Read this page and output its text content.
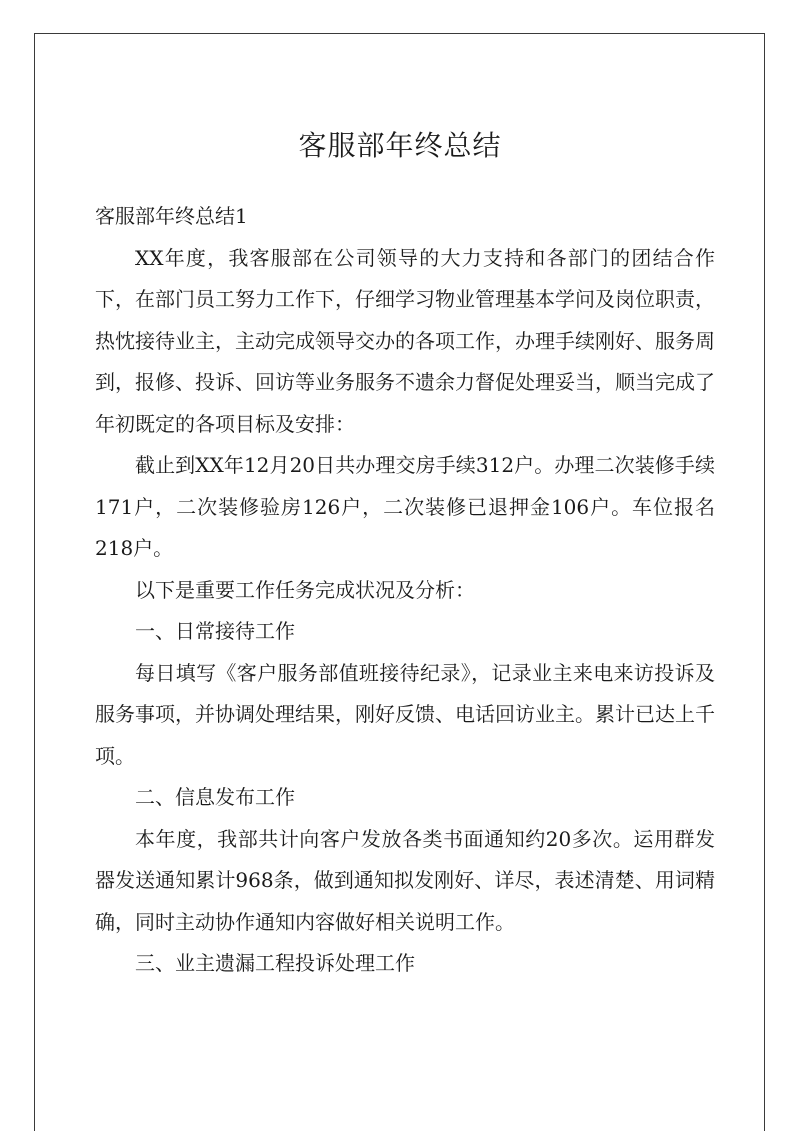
客服部年终总结

客服部年终总结1

XX年度，我客服部在公司领导的大力支持和各部门的团结合作下，在部门员工努力工作下，仔细学习物业管理基本学问及岗位职责，热忱接待业主，主动完成领导交办的各项工作，办理手续刚好、服务周到，报修、投诉、回访等业务服务不遗余力督促处理妥当，顺当完成了年初既定的各项目标及安排：

截止到XX年12月20日共办理交房手续312户。办理二次装修手续171户，二次装修验房126户，二次装修已退押金106户。车位报名218户。

以下是重要工作任务完成状况及分析：

一、日常接待工作

每日填写《客户服务部值班接待纪录》，记录业主来电来访投诉及服务事项，并协调处理结果，刚好反馈、电话回访业主。累计已达上千项。

二、信息发布工作

本年度，我部共计向客户发放各类书面通知约20多次。运用群发器发送通知累计968条，做到通知拟发刚好、详尽，表述清楚、用词精确，同时主动协作通知内容做好相关说明工作。

三、业主遗漏工程投诉处理工作
